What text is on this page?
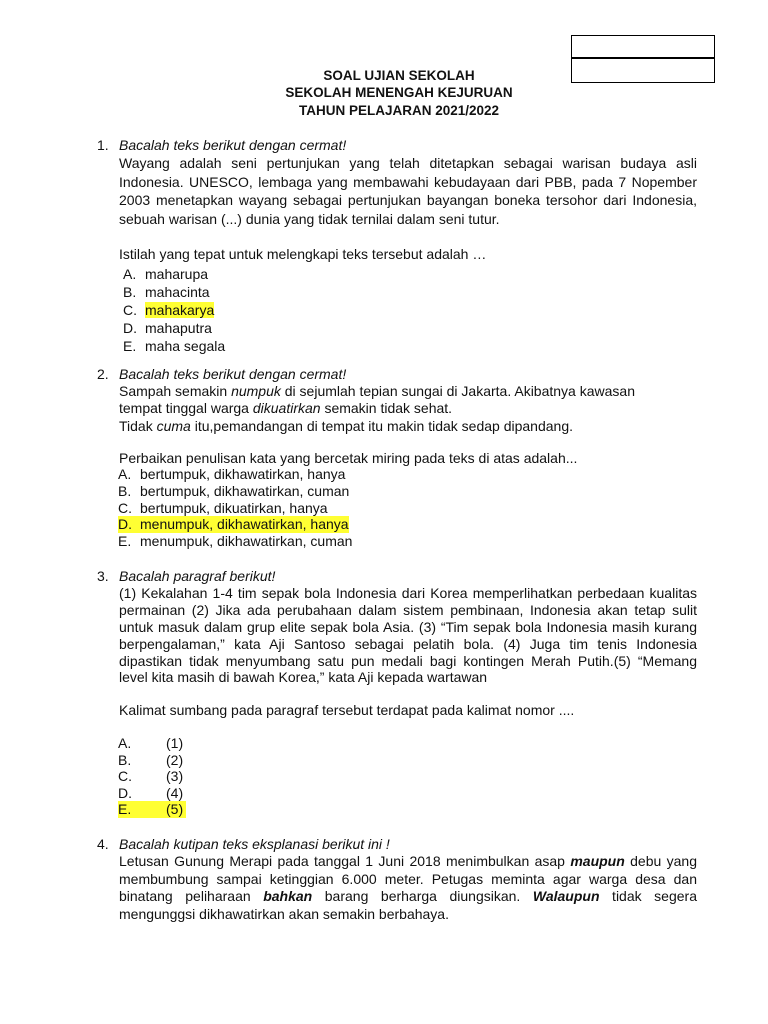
SOAL UJIAN SEKOLAH
SEKOLAH MENENGAH KEJURUAN
TAHUN PELAJARAN 2021/2022
1. Bacalah teks berikut dengan cermat!
Wayang adalah seni pertunjukan yang telah ditetapkan sebagai warisan budaya asli Indonesia. UNESCO, lembaga yang membawahi kebudayaan dari PBB, pada 7 Nopember 2003 menetapkan wayang sebagai pertunjukan bayangan boneka tersohor dari Indonesia, sebuah warisan (...) dunia yang tidak ternilai dalam seni tutur.
Istilah yang tepat untuk melengkapi teks tersebut adalah …
A. maharupa
B. mahacinta
C. mahakarya
D. mahaputra
E. maha segala
2. Bacalah teks berikut dengan cermat!
Sampah semakin numpuk di sejumlah tepian sungai di Jakarta. Akibatnya kawasan
tempat tinggal warga dikuatirkan semakin tidak sehat.
Tidak cuma itu,pemandangan di tempat itu makin tidak sedap dipandang.
Perbaikan penulisan kata yang bercetak miring pada teks di atas adalah...
A. bertumpuk, dikhawatirkan, hanya
B. bertumpuk, dikhawatirkan, cuman
C. bertumpuk, dikuatirkan, hanya
D. menumpuk, dikhawatirkan, hanya
E. menumpuk, dikhawatirkan, cuman
3. Bacalah paragraf berikut!
(1) Kekalahan 1-4 tim sepak bola Indonesia dari Korea memperlihatkan perbedaan kualitas permainan (2) Jika ada perubahaan dalam sistem pembinaan, Indonesia akan tetap sulit untuk masuk dalam grup elite sepak bola Asia. (3) “Tim sepak bola Indonesia masih kurang berpengalaman,” kata Aji Santoso sebagai pelatih bola. (4) Juga tim tenis Indonesia dipastikan tidak menyumbang satu pun medali bagi kontingen Merah Putih.(5) “Memang level kita masih di bawah Korea,” kata Aji kepada wartawan
Kalimat sumbang pada paragraf tersebut terdapat pada kalimat nomor ....
A. (1)
B. (2)
C. (3)
D. (4)
E. (5)
4. Bacalah kutipan teks eksplanasi berikut ini !
Letusan Gunung Merapi pada tanggal 1 Juni 2018 menimbulkan asap maupun debu yang membumbung sampai ketinggian 6.000 meter. Petugas meminta agar warga desa dan binatang peliharaan bahkan barang berharga diungsikan. Walaupun tidak segera mengunggsi dikhawatirkan akan semakin berbahaya.
